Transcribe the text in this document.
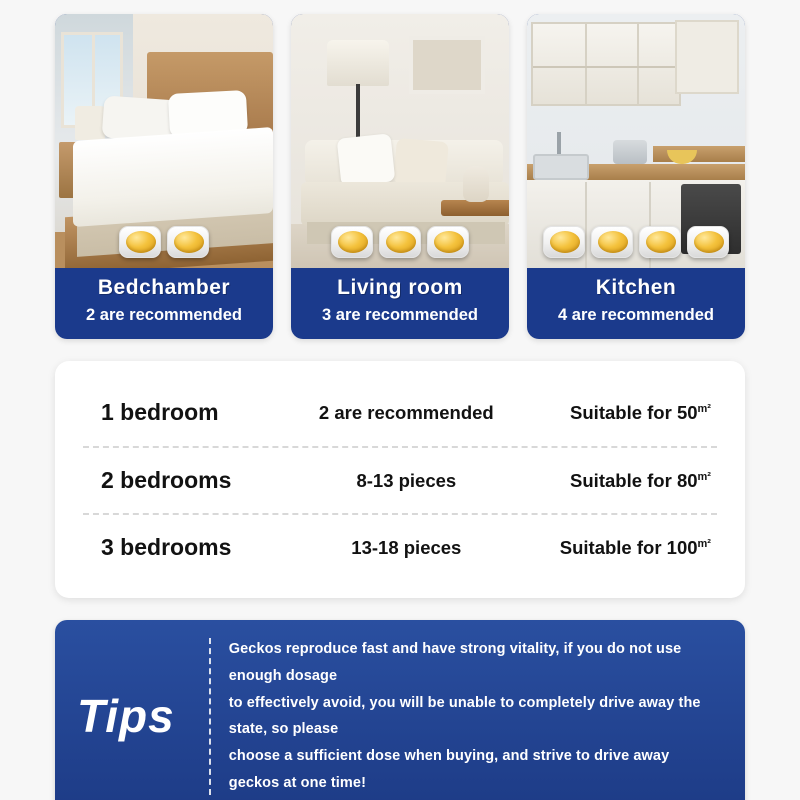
Bedchamber
2 are recommended
Living room
3 are recommended
Kitchen
4 are recommended
1 bedroom	2 are recommended	Suitable for $50^{m^2}$
2 bedrooms	8-13 pieces	Suitable for $80^{m^2}$
3 bedrooms	13-18 pieces	Suitable for $100^{m^2}$
Tips
Geckos reproduce fast and have strong vitality, if you do not use enough dosage
to effectively avoid, you will be unable to completely drive away the state, so please
choose a sufficient dose when buying, and strive to drive away geckos at one time!
